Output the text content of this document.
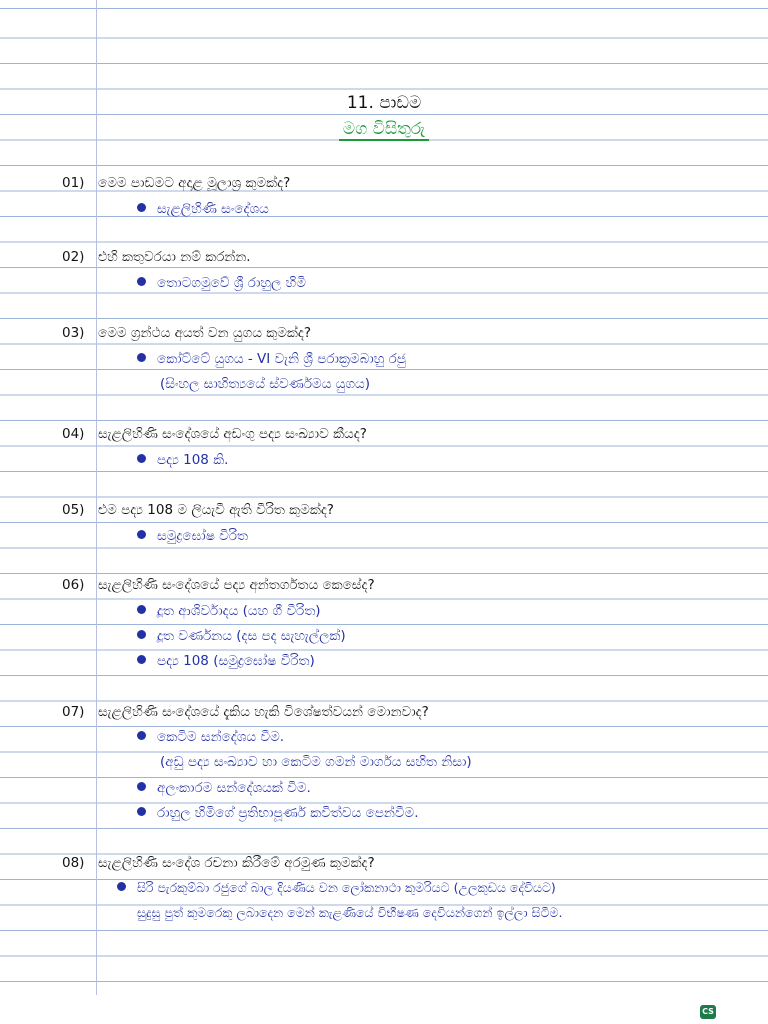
11. පාඩම
මග විසිතුරු
01) මෙම පාඩමට අදාළ මූලාශ්‍ර කුමක්ද?
සැළලිහිණි සංදේශය
02) එහි කතුවරයා නම් කරන්න.
තොටගමුවේ ශ්‍රී රාහුල හිමි
03) මෙම ග්‍රන්ථය අයත් වන යුගය කුමක්ද?
කෝට්ටේ යුගය - VI වැනි ශ්‍රී පරාක්‍රමබාහු රජු
(සිංහල සාහිත්‍යයේ ස්වර්ණමය යුගය)
04) සැළලිහිණි සංදේශයේ අඩංගු පද්‍ය සංඛ්‍යාව කීයද?
පද්‍ය 108 කි.
05) එම පද්‍ය 108 ම ලියැවී ඇති වීරිත කුමක්ද?
සමුද්‍රඝෝෂ වීරිත
06) සැළලිහිණි සංදේශයේ පද්‍ය අන්තර්ගතය කෙසේද?
දූත ආශිර්වාදය (යහ ගී වීරිත)
දූත වර්ණනය (දස පද සැහැල්ලක්)
පද්‍ය 108 (සමුද්‍රඝෝෂ වීරිත)
07) සැළලිහිණි සංදේශයේ දැකිය හැකි විශේෂත්වයන් මොනවාද?
කෙටිම සන්දේශය වීම.
(අඩු පද්‍ය සංඛ්‍යාව හා කෙටිම ගමන් මාර්ගය සහිත නිසා)
අලංකාරම සන්දේශයක් වීම.
රාහුල හිමිගේ ප්‍රතිභාපූර්ණ කවිත්වය පෙන්වීම.
08) සැළලිහිණි සංදේශ රචනා කිරීමේ අරමුණ කුමක්ද?
සිරි පැරකුම්බා රජුගේ බාල දියණිය වන ලෝකනාථා කුමරියට (උලකුඩය දේවියට)
සුදුසු පුත් කුමරෙකු ලබාදෙන මෙන් කැළණියේ විභීෂණ දෙවියන්ගෙන් ඉල්ලා සිටීම.
CS
